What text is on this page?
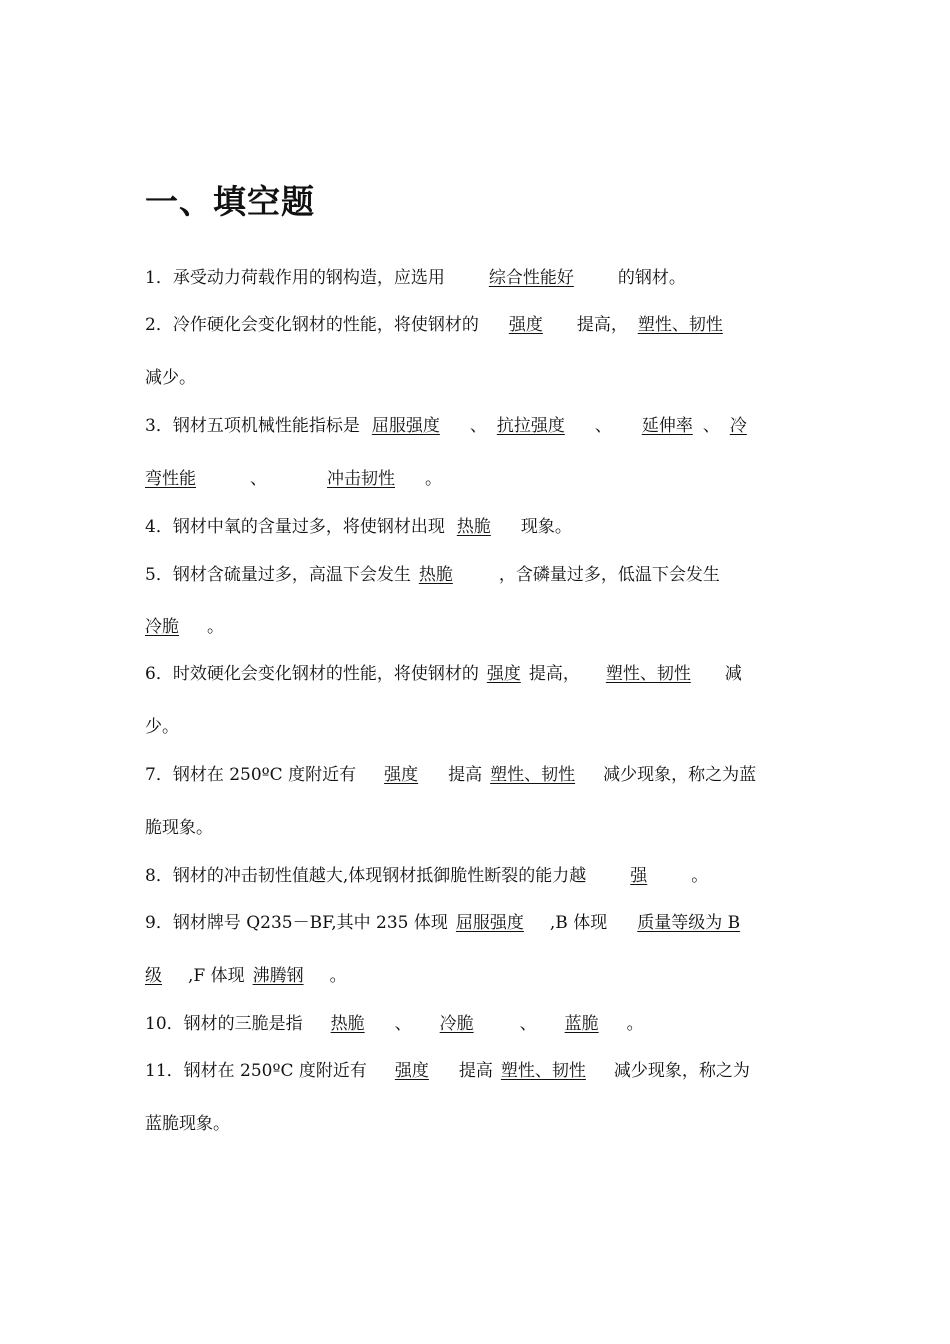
一、填空题

1．承受动力荷载作用的钢构造，应选用	综合性能好	的钢材。

2．冷作硬化会变化钢材的性能，将使钢材的 强度 提高， 塑性、韧性

减少。

3．钢材五项机械性能指标是 屈服强度 、 抗拉强度 、 延伸率 、 冷

弯性能	、	冲击韧性 。

4．钢材中氧的含量过多，将使钢材出现 热脆 现象。

5．钢材含硫量过多，高温下会发生 热脆	，含磷量过多，低温下会发生

冷脆 。

6．时效硬化会变化钢材的性能，将使钢材的 强度 提高， 塑性、韧性 减

少。

7．钢材在 250ºC 度附近有 强度 提高 塑性、韧性 减少现象，称之为蓝

脆现象。

8．钢材的冲击韧性值越大,体现钢材抵御脆性断裂的能力越	强	。

9．钢材牌号 Q235－BF,其中 235 体现 屈服强度 ,B 体现 质量等级为 B

级 ,F 体现 沸腾钢 。

10．钢材的三脆是指 热脆 、 冷脆	、 蓝脆 。

11．钢材在 250ºC 度附近有 强度 提高 塑性、韧性 减少现象，称之为

蓝脆现象。
